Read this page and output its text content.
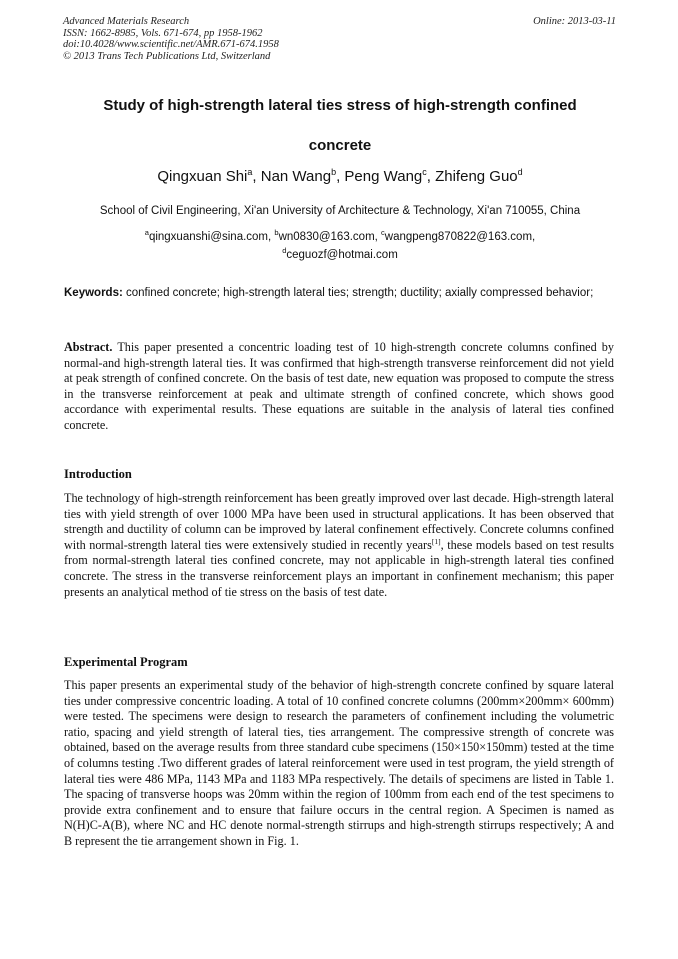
Advanced Materials Research
ISSN: 1662-8985, Vols. 671-674, pp 1958-1962
doi:10.4028/www.scientific.net/AMR.671-674.1958
© 2013 Trans Tech Publications Ltd, Switzerland
Online: 2013-03-11
Study of high-strength lateral ties stress of high-strength confined concrete
Qingxuan Shi$^a$, Nan Wang$^b$, Peng Wang$^c$, Zhifeng Guo$^d$
School of Civil Engineering, Xi'an University of Architecture & Technology, Xi'an 710055, China
$^a$qingxuanshi@sina.com, $^b$wn0830@163.com, $^c$wangpeng870822@163.com,
$^d$ceguozf@hotmai.com
Keywords: confined concrete; high-strength lateral ties; strength; ductility; axially compressed behavior;
Abstract. This paper presented a concentric loading test of 10 high-strength concrete columns confined by normal-and high-strength lateral ties. It was confirmed that high-strength transverse reinforcement did not yield at peak strength of confined concrete. On the basis of test date, new equation was proposed to compute the stress in the transverse reinforcement at peak and ultimate strength of confined concrete, which shows good accordance with experimental results. These equations are suitable in the analysis of lateral ties confined concrete.
Introduction
The technology of high-strength reinforcement has been greatly improved over last decade. High-strength lateral ties with yield strength of over 1000 MPa have been used in structural applications. It has been observed that strength and ductility of column can be improved by lateral confinement effectively. Concrete columns confined with normal-strength lateral ties were extensively studied in recently years[1], these models based on test results from normal-strength lateral ties confined concrete, may not applicable in high-strength lateral ties confined concrete. The stress in the transverse reinforcement plays an important in confinement mechanism; this paper presents an analytical method of tie stress on the basis of test date.
Experimental Program
This paper presents an experimental study of the behavior of high-strength concrete confined by square lateral ties under compressive concentric loading. A total of 10 confined concrete columns (200mm×200mm× 600mm) were tested. The specimens were design to research the parameters of confinement including the volumetric ratio, spacing and yield strength of lateral ties, ties arrangement. The compressive strength of concrete was obtained, based on the average results from three standard cube specimens (150×150×150mm) tested at the time of columns testing .Two different grades of lateral reinforcement were used in test program, the yield strength of lateral ties were 486 MPa, 1143 MPa and 1183 MPa respectively. The details of specimens are listed in Table 1. The spacing of transverse hoops was 20mm within the region of 100mm from each end of the test specimens to provide extra confinement and to ensure that failure occurs in the central region. A Specimen is named as N(H)C-A(B), where NC and HC denote normal-strength stirrups and high-strength stirrups respectively; A and B represent the tie arrangement shown in Fig. 1.
